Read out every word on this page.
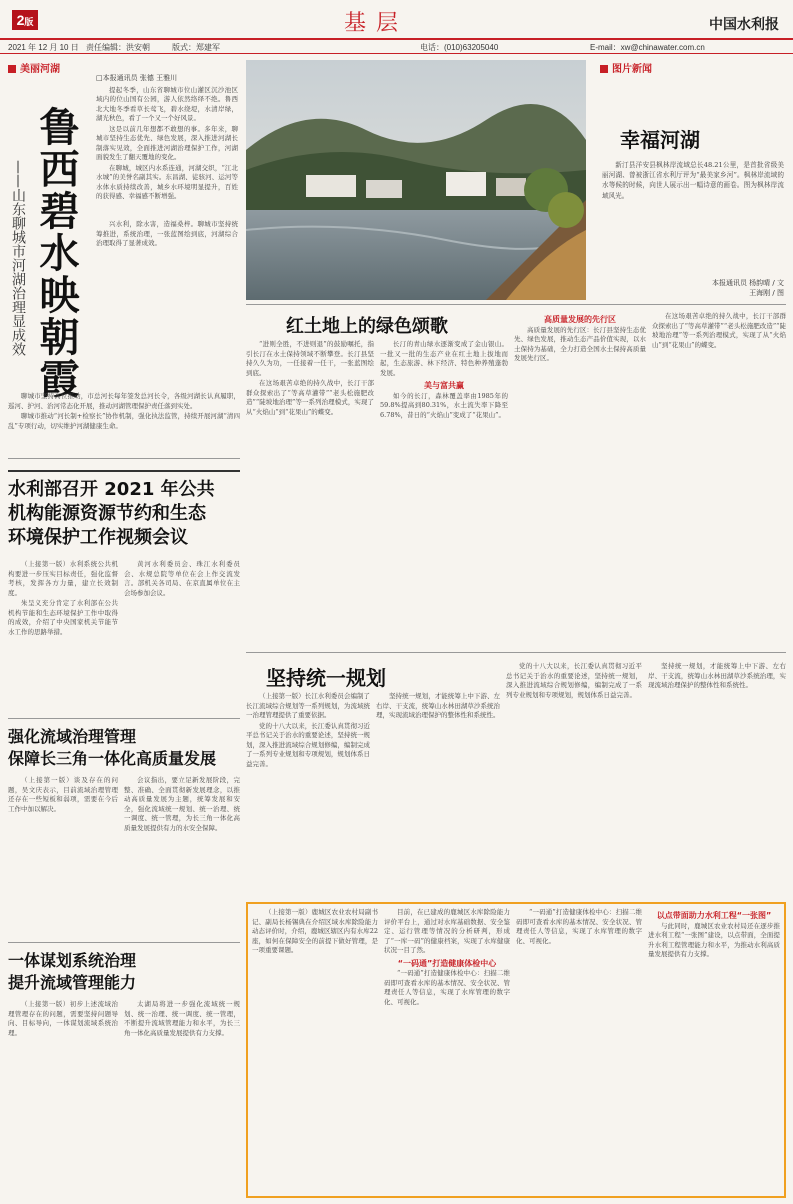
2版	基层	中国水利报
2021 年 12 月 10 日 责任编辑：洪安朝	版式：郑建军	电话：(010)63205040	E-mail：xw@chinawater.com.cn
美丽河湖
鲁西碧水映朝霞
——山东聊城市河湖治理显成效
□本报通讯员 张德 王雅川

提起冬季，山东省聊城市位山灌区沉沙池区域内的位山国有公园，游人依然络绎不绝。鲁西北大地冬季看草长莺飞，碧水绕堤，水清岸绿，湖光秋色，看了一个又一个好风景。

这是以前几年想都不敢想的事。多年来，聊城市坚持生态优先、绿色发展，深入推进河湖长制落实见效，全面推进河湖治理保护工作，河湖面貌发生了翻天覆地的变化。

在聊城，城区内水系连通，河湖交织，“江北水城”的美誉名副其实。东昌湖、徒骇河、运河等水体水质持续改善，城乡水环境明显提升，百姓的获得感、幸福感不断增强。

兴水利，除水害，造福桑梓。聊城市坚持统筹推进，系统治理，一张蓝图绘到底，河湖综合治理取得了显著成效。

聊城市坚持高位推动，市总河长每年签发总河长令，各级河湖长认真履职，巡河、护河、治河常态化开展，推动河湖管理保护责任落到实处。

聊城市推动“河长制+检察长”协作机制，强化执法监管，持续开展河湖“清四乱”专项行动，切实维护河湖健康生命。

图片新闻
幸福河湖

新汀县洋安县枫林岸流域总长48.21公里，是首批省级美丽河湖、曾被浙江省水利厅评为“最美家乡河”。枫林岸流域的水等候的时候，向世人展示出一幅诗意的画卷。图为枫林岸流域风光。

本报通讯员 杨韵晴 / 文
王海刚 / 图
水利部召开 2021 年公共
机构能源资源节约和生态
环境保护工作视频会议

（上接第一版）水利系统公共机构要进一步压实目标责任，强化监督考核，发挥各方力量，建立长效制度。

朱呈义充分肯定了水利部在公共机构节能和生态环境保护工作中取得的成效，介绍了中央国家机关节能节水工作的思路举措。

黄河水利委员会、珠江水利委员会、水规总院等单位在会上作交流发言。部机关各司局、在京直属单位在主会场参加会议。

强化流域治理管理
保障长三角一体化高质量发展

（上接第一版）谈及存在的问题，吴文庆表示，目前流域治理管理还存在一些短板和弱项，需要在今后工作中加以解决。

会议指出，要立足新发展阶段，完整、准确、全面贯彻新发展理念，以推动高质量发展为主题，统筹发展和安全，强化流域统一规划、统一治理、统一调度、统一管理，为长三角一体化高质量发展提供有力的水安全保障。

一体谋划系统治理
提升流域管理能力

（上接第一版）初步上述流域治理管理存在的问题，需要坚持问题导向、目标导向，一体谋划流域系统治理。

太湖局将进一步强化流域统一规划、统一治理、统一调度、统一管理，不断提升流域管理能力和水平，为长三角一体化高质量发展提供有力支撑。

红土地上的绿色颂歌

“进则全胜，不进则退”的鼓励嘱托，指引长汀在水土保持领域不断攀登。长汀县坚持久久为功，一任接着一任干，一张蓝图绘到底。

在这场艰苦卓绝的持久战中，长汀干部群众探索出了“等高草灌带”“老头松施肥改造”“陡坡地治理”等一系列治理模式，实现了从“火焰山”到“花果山”的蝶变。

长汀的青山绿水逐渐变成了金山银山。一批又一批的生态产业在红土地上拔地而起，生态旅游、林下经济、特色种养殖蓬勃发展。

美与富共赢

如今的长汀，森林覆盖率由1985年的59.8%提高到80.31%，水土流失率下降至6.78%，昔日的“火焰山”变成了“花果山”。

高质量发展的先行区

高质量发展的先行区：长汀县坚持生态优先、绿色发展，推动生态产品价值实现，以水土保持为基础，全力打造全国水土保持高质量发展先行区。

在这场艰苦卓绝的持久战中，长汀干部群众探索出了“等高草灌带”“老头松施肥改造”“陡坡地治理”等一系列治理模式，实现了从“火焰山”到“花果山”的蝶变。

坚持统一规划

（上接第一版）长江水利委员会编制了长江流域综合规划等一系列规划，为流域统一治理管理提供了重要依据。

党的十八大以来，长江委认真贯彻习近平总书记关于治水的重要论述，坚持统一规划，深入推进流域综合规划修编，编制完成了一系列专业规划和专项规划，规划体系日益完善。

坚持统一规划，才能统筹上中下游、左右岸、干支流，统筹山水林田湖草沙系统治理，实现流域治理保护的整体性和系统性。

党的十八大以来，长江委认真贯彻习近平总书记关于治水的重要论述，坚持统一规划，深入推进流域综合规划修编，编制完成了一系列专业规划和专项规划，规划体系日益完善。

坚持统一规划，才能统筹上中下游、左右岸、干支流，统筹山水林田湖草沙系统治理，实现流域治理保护的整体性和系统性。

（上接第一版）鹿城区农业农村局副书记、副局长杨锡典在介绍区域水库除险能力动态评价时，介绍，鹿城区辖区内有水库22座，如何在保障安全的前提下做好管理，是一项重要课题。

目前，在已建成的鹿城区水库除险能力评价平台上，通过对水库基础数据、安全鉴定、运行管理等情况的分析研判，形成了“一库一码”的健康档案，实现了水库健康状况一目了然。

“一码通”打造健康体检中心

“一码通”打造健康体检中心：扫描二维码即可查看水库的基本情况、安全状况、管理责任人等信息，实现了水库管理的数字化、可视化。

“一码通”打造健康体检中心：扫描二维码即可查看水库的基本情况、安全状况、管理责任人等信息，实现了水库管理的数字化、可视化。

以点带面助力水利工程“一张图”

与此同时，鹿城区农业农村局还在逐步推进水利工程“一张图”建设，以点带面，全面提升水利工程管理能力和水平，为推动水利高质量发展提供有力支撑。
